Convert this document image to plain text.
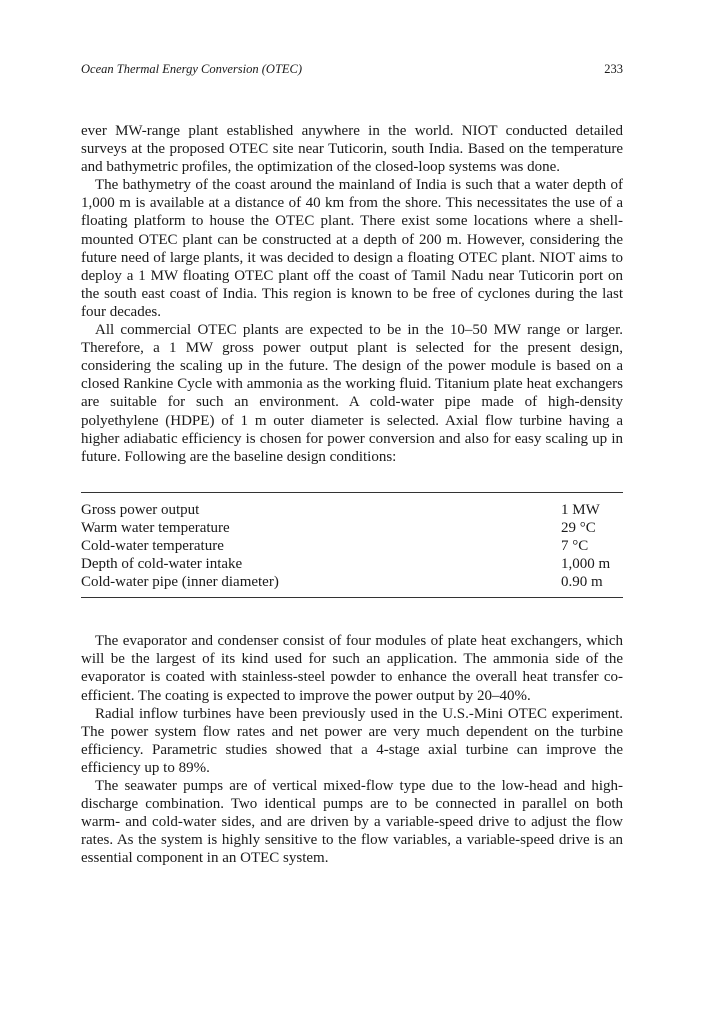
Ocean Thermal Energy Conversion (OTEC)	233

ever MW-range plant established anywhere in the world. NIOT conducted detailed surveys at the proposed OTEC site near Tuticorin, south India. Based on the temperature and bathymetric profiles, the optimization of the closed-loop systems was done.

The bathymetry of the coast around the mainland of India is such that a water depth of 1,000 m is available at a distance of 40 km from the shore. This necessitates the use of a floating platform to house the OTEC plant. There exist some locations where a shell-mounted OTEC plant can be constructed at a depth of 200 m. However, considering the future need of large plants, it was decided to design a floating OTEC plant. NIOT aims to deploy a 1 MW floating OTEC plant off the coast of Tamil Nadu near Tuticorin port on the south east coast of India. This region is known to be free of cyclones during the last four decades.

All commercial OTEC plants are expected to be in the 10–50 MW range or larger. Therefore, a 1 MW gross power output plant is selected for the present design, considering the scaling up in the future. The design of the power module is based on a closed Rankine Cycle with ammonia as the working fluid. Titanium plate heat exchangers are suitable for such an environment. A cold-water pipe made of high-density polyethylene (HDPE) of 1 m outer diameter is selected. Axial flow turbine having a higher adiabatic efficiency is chosen for power conversion and also for easy scaling up in future. Following are the baseline design conditions:

Gross power output	1 MW
Warm water temperature	29 °C
Cold-water temperature	7 °C
Depth of cold-water intake	1,000 m
Cold-water pipe (inner diameter)	0.90 m

The evaporator and condenser consist of four modules of plate heat exchangers, which will be the largest of its kind used for such an application. The ammonia side of the evaporator is coated with stainless-steel powder to enhance the overall heat transfer co-efficient. The coating is expected to improve the power output by 20–40%.

Radial inflow turbines have been previously used in the U.S.-Mini OTEC experiment. The power system flow rates and net power are very much dependent on the turbine efficiency. Parametric studies showed that a 4-stage axial turbine can improve the efficiency up to 89%.

The seawater pumps are of vertical mixed-flow type due to the low-head and high-discharge combination. Two identical pumps are to be connected in parallel on both warm- and cold-water sides, and are driven by a variable-speed drive to adjust the flow rates. As the system is highly sensitive to the flow variables, a variable-speed drive is an essential component in an OTEC system.
